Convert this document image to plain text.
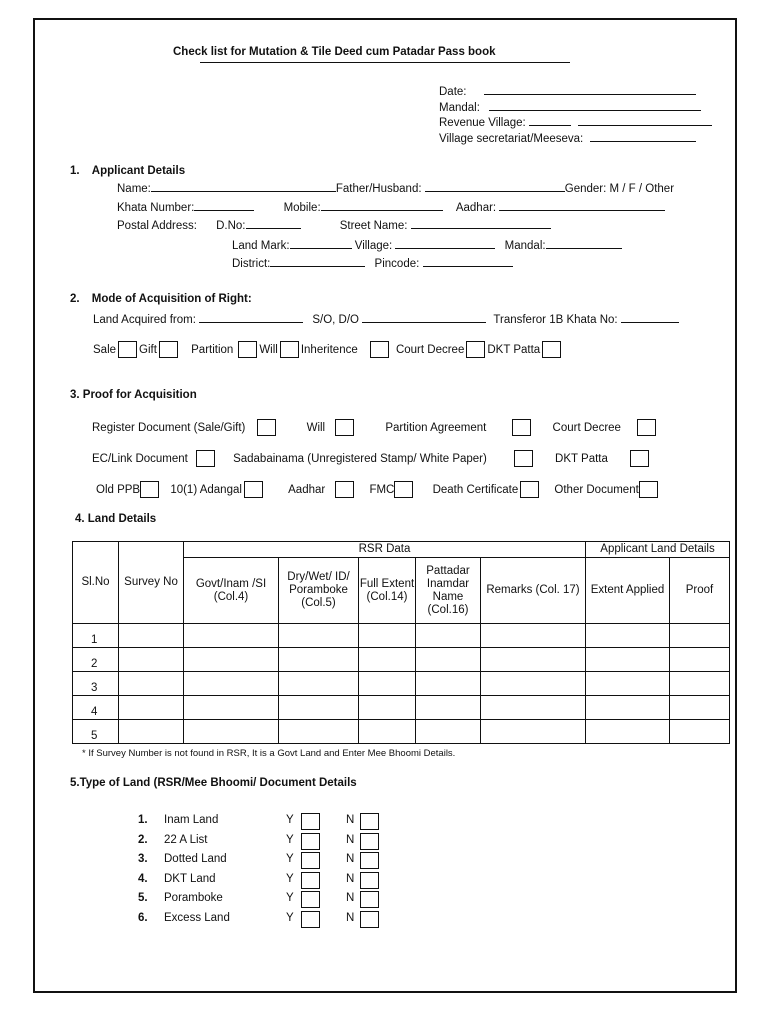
Check list for Mutation & Tile Deed cum Patadar Pass book
Date:
Mandal:
Revenue Village:
Village secretariat/Meeseva:
1. Applicant Details
Name:	Father/Husband:	Gender: M / F / Other
Khata Number:	Mobile:	Aadhar:
Postal Address: D.No:	Street Name:
Land Mark:	Village:	Mandal:
District:	Pincode:
2. Mode of Acquisition of Right:
Land Acquired from:	S/O, D/O	Transferor 1B Khata No:
Sale Gift	Partition Will Inheritence	Court Decree DKT Patta
3. Proof for Acquisition
Register Document (Sale/Gift)	Will	Partition Agreement	Court Decree
EC/Link Document	Sadabainama (Unregistered Stamp/ White Paper)	DKT Patta
Old PPB	10(1) Adangal	Aadhar	FMC	Death Certificate	Other Document
4. Land Details
Sl.No	Survey No	RSR Data					Applicant Land Details	
		Govt/Inam /SI (Col.4)	Dry/Wet/ ID/ Poramboke (Col.5)	Full Extent (Col.14)	Pattadar Inamdar Name (Col.16)	Remarks (Col. 17)	Extent Applied	Proof
1								
2								
3								
4								
5								
* If Survey Number is not found in RSR, It is a Govt Land and Enter Mee Bhoomi Details.
5.Type of Land (RSR/Mee Bhoomi/ Document Details
1. Inam Land	Y	N
2. 22 A List	Y	N
3. Dotted Land	Y	N
4. DKT Land	Y	N
5. Poramboke	Y	N
6. Excess Land	Y	N
